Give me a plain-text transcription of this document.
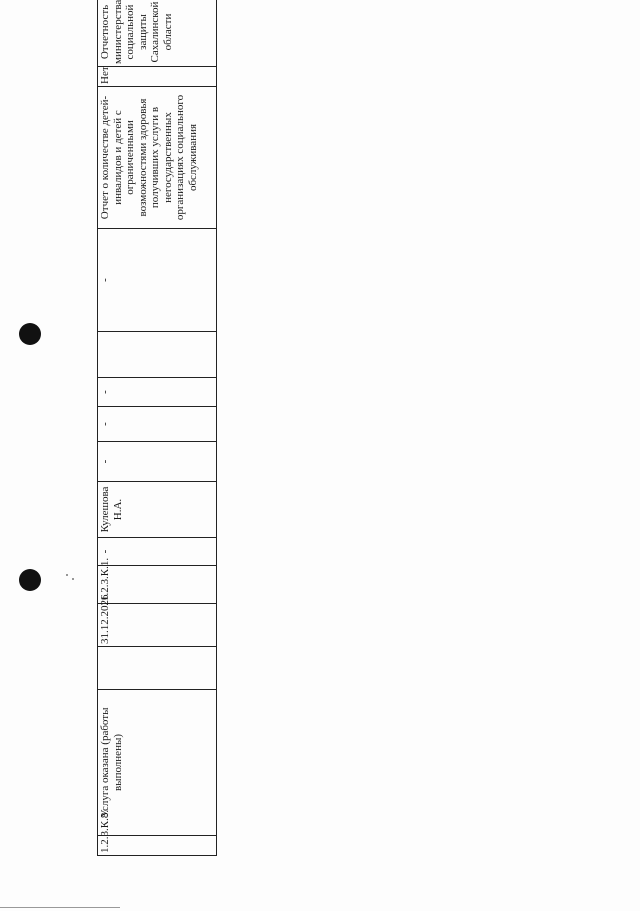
1.2.3.К.8.	Услуга оказана (работы выполнены)		31.12.2026	1.2.3.К.1.	-	Кулешова Н.А.	-	-	-		-	Отчет о количестве детей-инвалидов и детей с ограниченными возможностями здоровья получивших услуги в негосударственных организациях социального обслуживания	Нет	Отчетность министерства социальной защиты Сахалинской области
